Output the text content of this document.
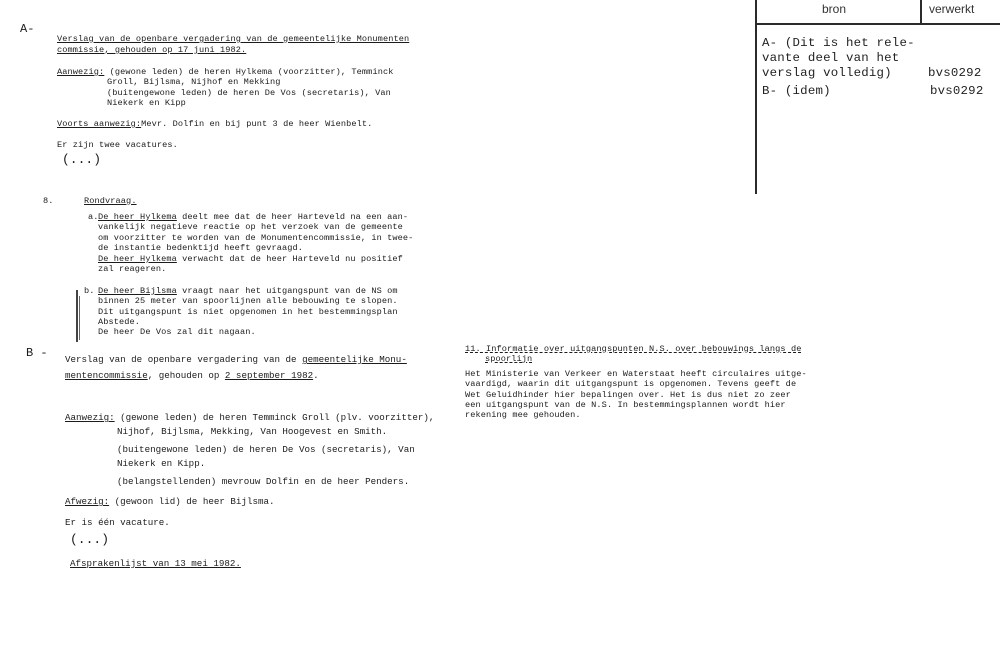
bron	verwerkt
A- (Dit is het rele-
vante deel van het
verslag volledig)
B- (idem)
bvs0292
bvs0292
A-
Verslag van de openbare vergadering van de gemeentelijke Monumenten
commissie, gehouden op 17 juni 1982.
Aanwezig: (gewone leden) de heren Hylkema (voorzitter), Temminck
Groll, Bijlsma, Nijhof en Mekking
(buitengewone leden) de heren De Vos (secretaris), Van
Niekerk en Kipp
Voorts aanwezig:Mevr. Dolfin en bij punt 3 de heer Wienbelt.
Er zijn twee vacatures.
(...)
8.	Rondvraag.
a. De heer Hylkema deelt mee dat de heer Harteveld na een aan-
vankelijk negatieve reactie op het verzoek van de gemeente
om voorzitter te worden van de Monumentencommissie, in twee-
de instantie bedenktijd heeft gevraagd.
De heer Hylkema verwacht dat de heer Harteveld nu positief
zal reageren.
b. De heer Bijlsma vraagt naar het uitgangspunt van de NS om
binnen 25 meter van spoorlijnen alle bebouwing te slopen.
Dit uitgangspunt is niet opgenomen in het bestemmingsplan
Abstede.
De heer De Vos zal dit nagaan.
B - Verslag van de openbare vergadering van de gemeentelijke Monu-
mentencommissie, gehouden op 2 september 1982.
Aanwezig: (gewone leden) de heren Temminck Groll (plv. voorzitter),
Nijhof, Bijlsma, Mekking, Van Hoogevest en Smith.
(buitengewone leden) de heren De Vos (secretaris), Van
Niekerk en Kipp.
(belangstellenden) mevrouw Dolfin en de heer Penders.
Afwezig: (gewoon lid) de heer Bijlsma.
Er is één vacature.
(...)
Afsprakenlijst van 13 mei 1982.
11. Informatie over uitgangspunten N.S. over bebouwings langs de
spoorlijn
Het Ministerie van Verkeer en Waterstaat heeft circulaires uitge-
vaardigd, waarin dit uitgangspunt is opgenomen. Tevens geeft de
Wet Geluidhinder hier bepalingen over. Het is dus niet zo zeer
een uitgangspunt van de N.S. In bestemmingsplannen wordt hier
rekening mee gehouden.
